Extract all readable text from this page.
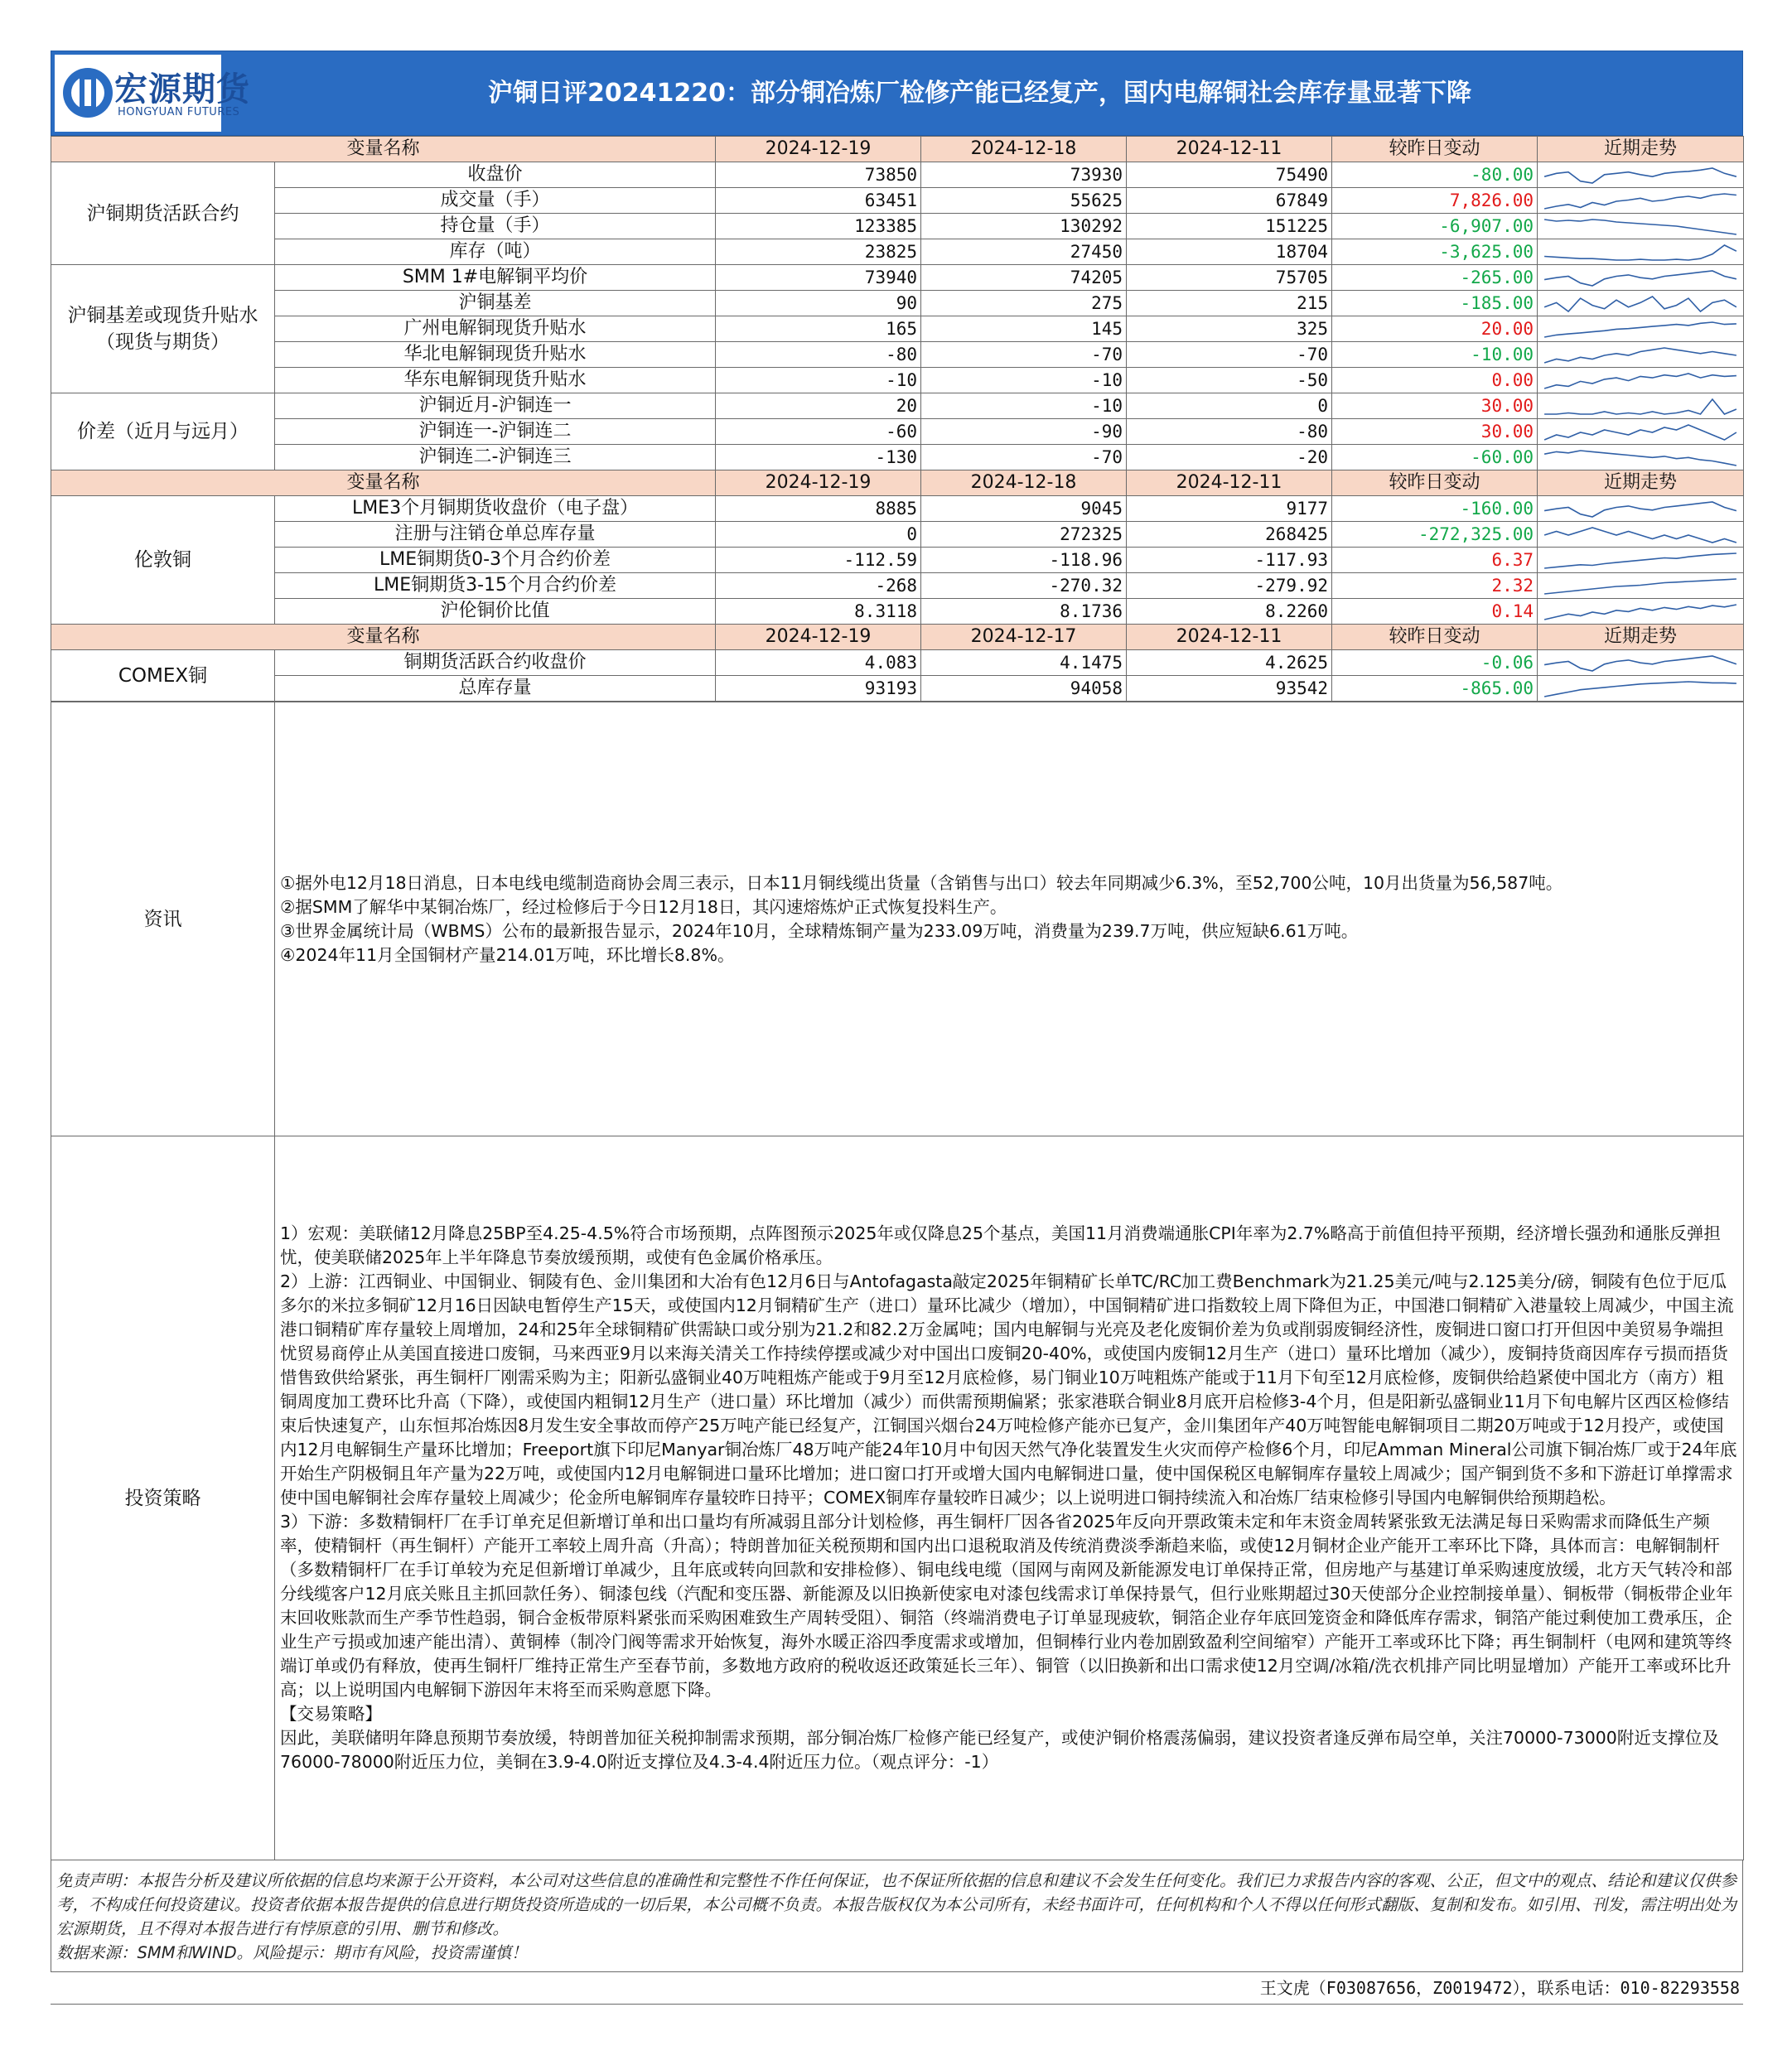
宏源期货
HONGYUAN FUTURES
沪铜日评20241220：部分铜冶炼厂检修产能已经复产，国内电解铜社会库存量显著下降
变量名称		2024-12-19	2024-12-18	2024-12-11	较昨日变动	近期走势
沪铜期货活跃合约	收盘价	73850	73930	75490	-80.00	

	成交量（手）	63451	55625	67849	7,826.00	

	持仓量（手）	123385	130292	151225	-6,907.00	

	库存（吨）	23825	27450	18704	-3,625.00	

沪铜基差或现货升贴水（现货与期货）	SMM 1#电解铜平均价	73940	74205	75705	-265.00	

	沪铜基差	90	275	215	-185.00	

	广州电解铜现货升贴水	165	145	325	20.00	

	华北电解铜现货升贴水	-80	-70	-70	-10.00	

	华东电解铜现货升贴水	-10	-10	-50	0.00	

价差（近月与远月）	沪铜近月-沪铜连一	20	-10	0	30.00	

	沪铜连一-沪铜连二	-60	-90	-80	30.00	

	沪铜连二-沪铜连三	-130	-70	-20	-60.00	

变量名称		2024-12-19	2024-12-18	2024-12-11	较昨日变动	近期走势
伦敦铜	LME3个月铜期货收盘价（电子盘）	8885	9045	9177	-160.00	

	注册与注销仓单总库存量	0	272325	268425	-272,325.00	

	LME铜期货0-3个月合约价差	-112.59	-118.96	-117.93	6.37	

	LME铜期货3-15个月合约价差	-268	-270.32	-279.92	2.32	

	沪伦铜价比值	8.3118	8.1736	8.2260	0.14	

变量名称		2024-12-19	2024-12-17	2024-12-11	较昨日变动	近期走势
COMEX铜	铜期货活跃合约收盘价	4.083	4.1475	4.2625	-0.06	

	总库存量	93193	94058	93542	-865.00	
资讯	①据外电12月18日消息，日本电线电缆制造商协会周三表示，日本11月铜线缆出货量（含销售与出口）较去年同期减少6.3%，至52,700公吨，10月出货量为56,587吨。

②据SMM了解华中某铜冶炼厂，经过检修后于今日12月18日，其闪速熔炼炉正式恢复投料生产。

③世界金属统计局（WBMS）公布的最新报告显示，2024年10月，全球精炼铜产量为233.09万吨，消费量为239.7万吨，供应短缺6.61万吨。

④2024年11月全国铜材产量214.01万吨，环比增长8.8%。

投资策略	1）宏观：美联储12月降息25BP至4.25-4.5%符合市场预期，点阵图预示2025年或仅降息25个基点，美国11月消费端通胀CPI年率为2.7%略高于前值但持平预期，经济增长强劲和通胀反弹担忧，使美联储2025年上半年降息节奏放缓预期，或使有色金属价格承压。

2）上游：江西铜业、中国铜业、铜陵有色、金川集团和大冶有色12月6日与Antofagasta敲定2025年铜精矿长单TC/RC加工费Benchmark为21.25美元/吨与2.125美分/磅，铜陵有色位于厄瓜多尔的米拉多铜矿12月16日因缺电暂停生产15天，或使国内12月铜精矿生产（进口）量环比减少（增加），中国铜精矿进口指数较上周下降但为正，中国港口铜精矿入港量较上周减少，中国主流港口铜精矿库存量较上周增加，24和25年全球铜精矿供需缺口或分别为21.2和82.2万金属吨；国内电解铜与光亮及老化废铜价差为负或削弱废铜经济性，废铜进口窗口打开但因中美贸易争端担忧贸易商停止从美国直接进口废铜，马来西亚9月以来海关清关工作持续停摆或减少对中国出口废铜20-40%，或使国内废铜12月生产（进口）量环比增加（减少），废铜持货商因库存亏损而捂货惜售致供给紧张，再生铜杆厂刚需采购为主；阳新弘盛铜业40万吨粗炼产能或于9月至12月底检修，易门铜业10万吨粗炼产能或于11月下旬至12月底检修，废铜供给趋紧使中国北方（南方）粗铜周度加工费环比升高（下降），或使国内粗铜12月生产（进口量）环比增加（减少）而供需预期偏紧；张家港联合铜业8月底开启检修3-4个月，但是阳新弘盛铜业11月下旬电解片区西区检修结束后快速复产，山东恒邦冶炼因8月发生安全事故而停产25万吨产能已经复产，江铜国兴烟台24万吨检修产能亦已复产，金川集团年产40万吨智能电解铜项目二期20万吨或于12月投产，或使国内12月电解铜生产量环比增加；Freeport旗下印尼Manyar铜冶炼厂48万吨产能24年10月中旬因天然气净化装置发生火灾而停产检修6个月，印尼Amman Mineral公司旗下铜冶炼厂或于24年底开始生产阴极铜且年产量为22万吨，或使国内12月电解铜进口量环比增加；进口窗口打开或增大国内电解铜进口量，使中国保税区电解铜库存量较上周减少；国产铜到货不多和下游赶订单撑需求使中国电解铜社会库存量较上周减少；伦金所电解铜库存量较昨日持平；COMEX铜库存量较昨日减少；以上说明进口铜持续流入和冶炼厂结束检修引导国内电解铜供给预期趋松。

3）下游：多数精铜杆厂在手订单充足但新增订单和出口量均有所减弱且部分计划检修，再生铜杆厂因各省2025年反向开票政策未定和年末资金周转紧张致无法满足每日采购需求而降低生产频率，使精铜杆（再生铜杆）产能开工率较上周升高（升高）；特朗普加征关税预期和国内出口退税取消及传统消费淡季渐趋来临，或使12月铜材企业产能开工率环比下降，具体而言：电解铜制杆（多数精铜杆厂在手订单较为充足但新增订单减少，且年底或转向回款和安排检修）、铜电线电缆（国网与南网及新能源发电订单保持正常，但房地产与基建订单采购速度放缓，北方天气转冷和部分线缆客户12月底关账且主抓回款任务）、铜漆包线（汽配和变压器、新能源及以旧换新使家电对漆包线需求订单保持景气，但行业账期超过30天使部分企业控制接单量）、铜板带（铜板带企业年末回收账款而生产季节性趋弱，铜合金板带原料紧张而采购困难致生产周转受阻）、铜箔（终端消费电子订单显现疲软，铜箔企业存年底回笼资金和降低库存需求，铜箔产能过剩使加工费承压，企业生产亏损或加速产能出清）、黄铜棒（制冷门阀等需求开始恢复，海外水暖正浴四季度需求或增加，但铜棒行业内卷加剧致盈利空间缩窄）产能开工率或环比下降；再生铜制杆（电网和建筑等终端订单或仍有释放，使再生铜杆厂维持正常生产至春节前，多数地方政府的税收返还政策延长三年）、铜管（以旧换新和出口需求使12月空调/冰箱/洗衣机排产同比明显增加）产能开工率或环比升高；以上说明国内电解铜下游因年末将至而采购意愿下降。

【交易策略】

因此，美联储明年降息预期节奏放缓，特朗普加征关税抑制需求预期，部分铜冶炼厂检修产能已经复产，或使沪铜价格震荡偏弱，建议投资者逢反弹布局空单，关注70000-73000附近支撑位及76000-78000附近压力位，美铜在3.9-4.0附近支撑位及4.3-4.4附近压力位。（观点评分：-1）

免责声明：本报告分析及建议所依据的信息均来源于公开资料，本公司对这些信息的准确性和完整性不作任何保证，也不保证所依据的信息和建议不会发生任何变化。我们已力求报告内容的客观、公正，但文中的观点、结论和建议仅供参考，不构成任何投资建议。投资者依据本报告提供的信息进行期货投资所造成的一切后果，本公司概不负责。本报告版权仅为本公司所有，未经书面许可，任何机构和个人不得以任何形式翻版、复制和发布。如引用、刊发，需注明出处为宏源期货，且不得对本报告进行有悖原意的引用、删节和修改。
数据来源：SMM和WIND。风险提示：期市有风险，投资需谨慎！
王文虎（F03087656，Z0019472），联系电话：010-82293558
